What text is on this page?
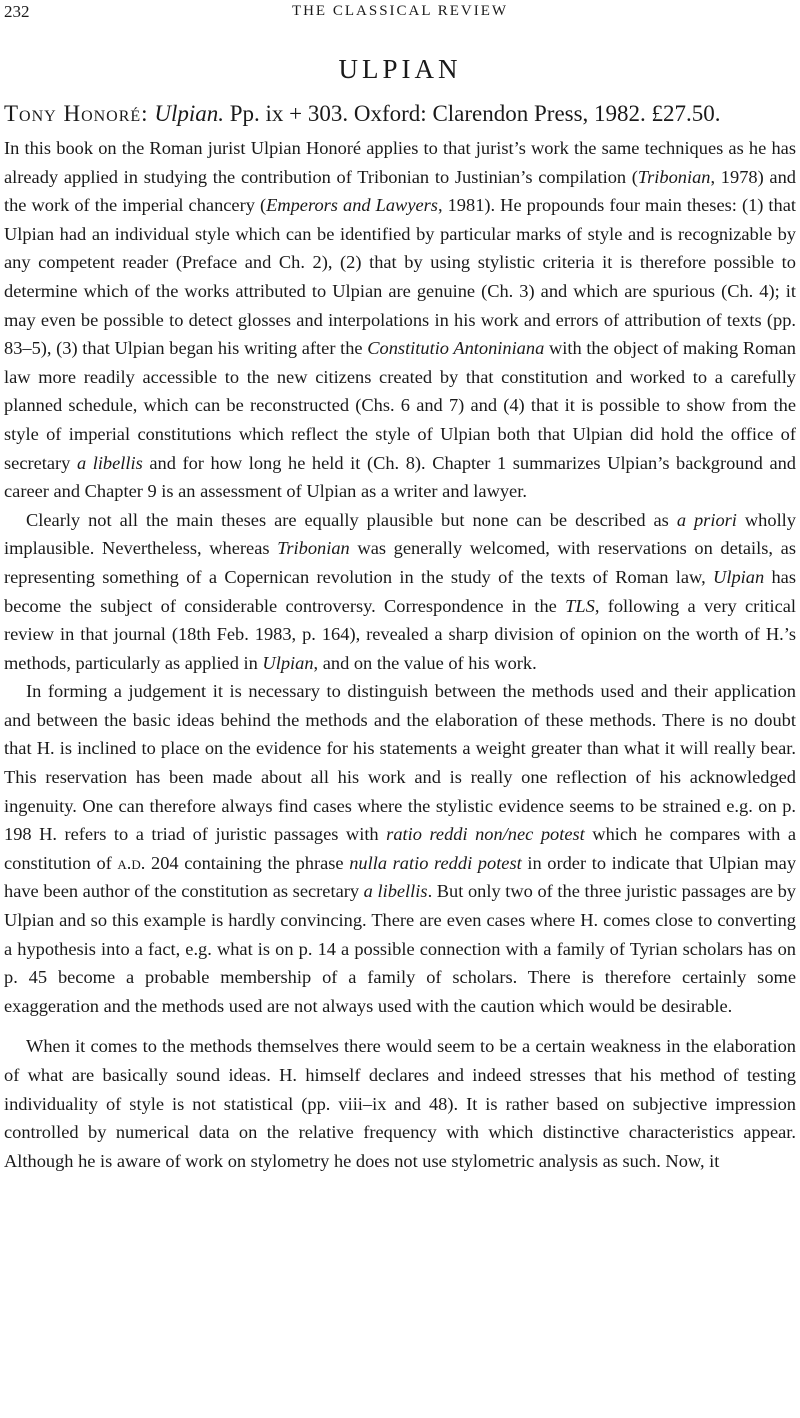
232	THE CLASSICAL REVIEW
ULPIAN
Tony Honoré: Ulpian. Pp. ix + 303. Oxford: Clarendon Press, 1982. £27.50.

In this book on the Roman jurist Ulpian Honoré applies to that jurist’s work the same techniques as he has already applied in studying the contribution of Tribonian to Justinian’s compilation (Tribonian, 1978) and the work of the imperial chancery (Emperors and Lawyers, 1981). He propounds four main theses: (1) that Ulpian had an individual style which can be identified by particular marks of style and is recognizable by any competent reader (Preface and Ch. 2), (2) that by using stylistic criteria it is therefore possible to determine which of the works attributed to Ulpian are genuine (Ch. 3) and which are spurious (Ch. 4); it may even be possible to detect glosses and interpolations in his work and errors of attribution of texts (pp. 83–5), (3) that Ulpian began his writing after the Constitutio Antoniniana with the object of making Roman law more readily accessible to the new citizens created by that constitution and worked to a carefully planned schedule, which can be reconstructed (Chs. 6 and 7) and (4) that it is possible to show from the style of imperial constitutions which reflect the style of Ulpian both that Ulpian did hold the office of secretary a libellis and for how long he held it (Ch. 8). Chapter 1 summarizes Ulpian’s background and career and Chapter 9 is an assessment of Ulpian as a writer and lawyer.

Clearly not all the main theses are equally plausible but none can be described as a priori wholly implausible. Nevertheless, whereas Tribonian was generally welcomed, with reservations on details, as representing something of a Copernican revolution in the study of the texts of Roman law, Ulpian has become the subject of considerable controversy. Correspondence in the TLS, following a very critical review in that journal (18th Feb. 1983, p. 164), revealed a sharp division of opinion on the worth of H.’s methods, particularly as applied in Ulpian, and on the value of his work.

In forming a judgement it is necessary to distinguish between the methods used and their application and between the basic ideas behind the methods and the elaboration of these methods. There is no doubt that H. is inclined to place on the evidence for his statements a weight greater than what it will really bear. This reservation has been made about all his work and is really one reflection of his acknowledged ingenuity. One can therefore always find cases where the stylistic evidence seems to be strained e.g. on p. 198 H. refers to a triad of juristic passages with ratio reddi non/nec potest which he compares with a constitution of a.d. 204 containing the phrase nulla ratio reddi potest in order to indicate that Ulpian may have been author of the constitution as secretary a libellis. But only two of the three juristic passages are by Ulpian and so this example is hardly convincing. There are even cases where H. comes close to converting a hypothesis into a fact, e.g. what is on p. 14 a possible connection with a family of Tyrian scholars has on p. 45 become a probable membership of a family of scholars. There is therefore certainly some exaggeration and the methods used are not always used with the caution which would be desirable.

When it comes to the methods themselves there would seem to be a certain weakness in the elaboration of what are basically sound ideas. H. himself declares and indeed stresses that his method of testing individuality of style is not statistical (pp. viii–ix and 48). It is rather based on subjective impression controlled by numerical data on the relative frequency with which distinctive characteristics appear. Although he is aware of work on stylometry he does not use stylometric analysis as such. Now, it
